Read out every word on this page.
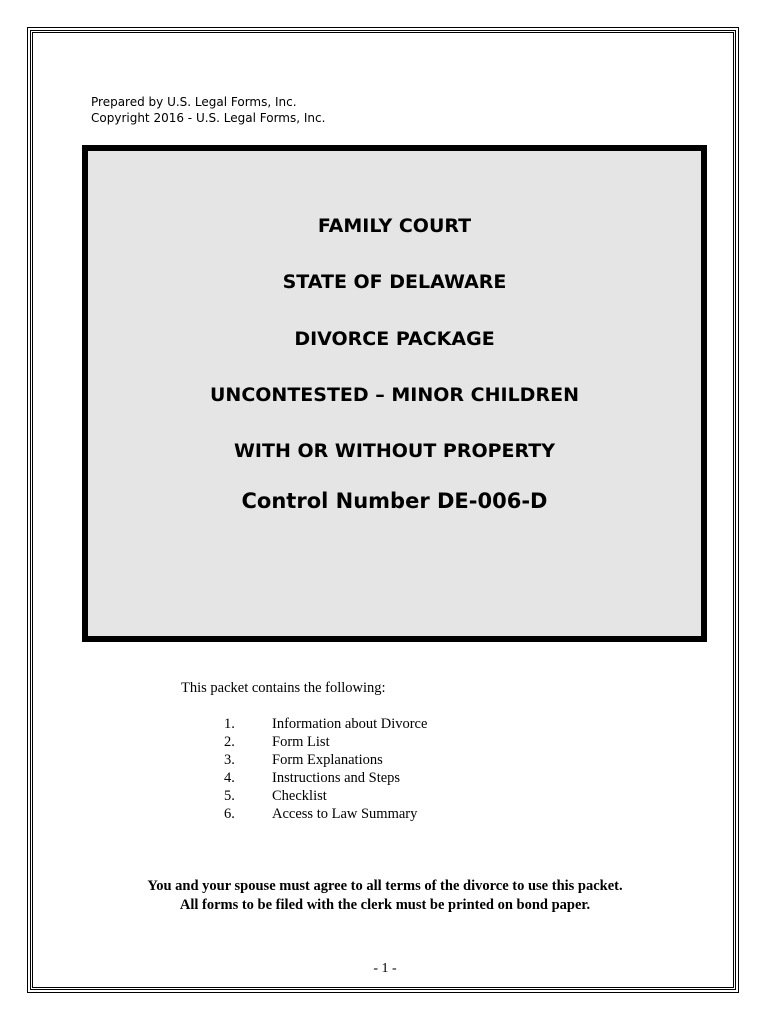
Prepared by U.S. Legal Forms, Inc.
Copyright 2016 - U.S. Legal Forms, Inc.
FAMILY COURT
STATE OF DELAWARE
DIVORCE PACKAGE
UNCONTESTED – MINOR CHILDREN
WITH OR WITHOUT PROPERTY
Control Number DE-006-D
This packet contains the following:
1.	Information about Divorce
2.	Form List
3.	Form Explanations
4.	Instructions and Steps
5.	Checklist
6.	Access to Law Summary
You and your spouse must agree to all terms of the divorce to use this packet.
All forms to be filed with the clerk must be printed on bond paper.
- 1 -
